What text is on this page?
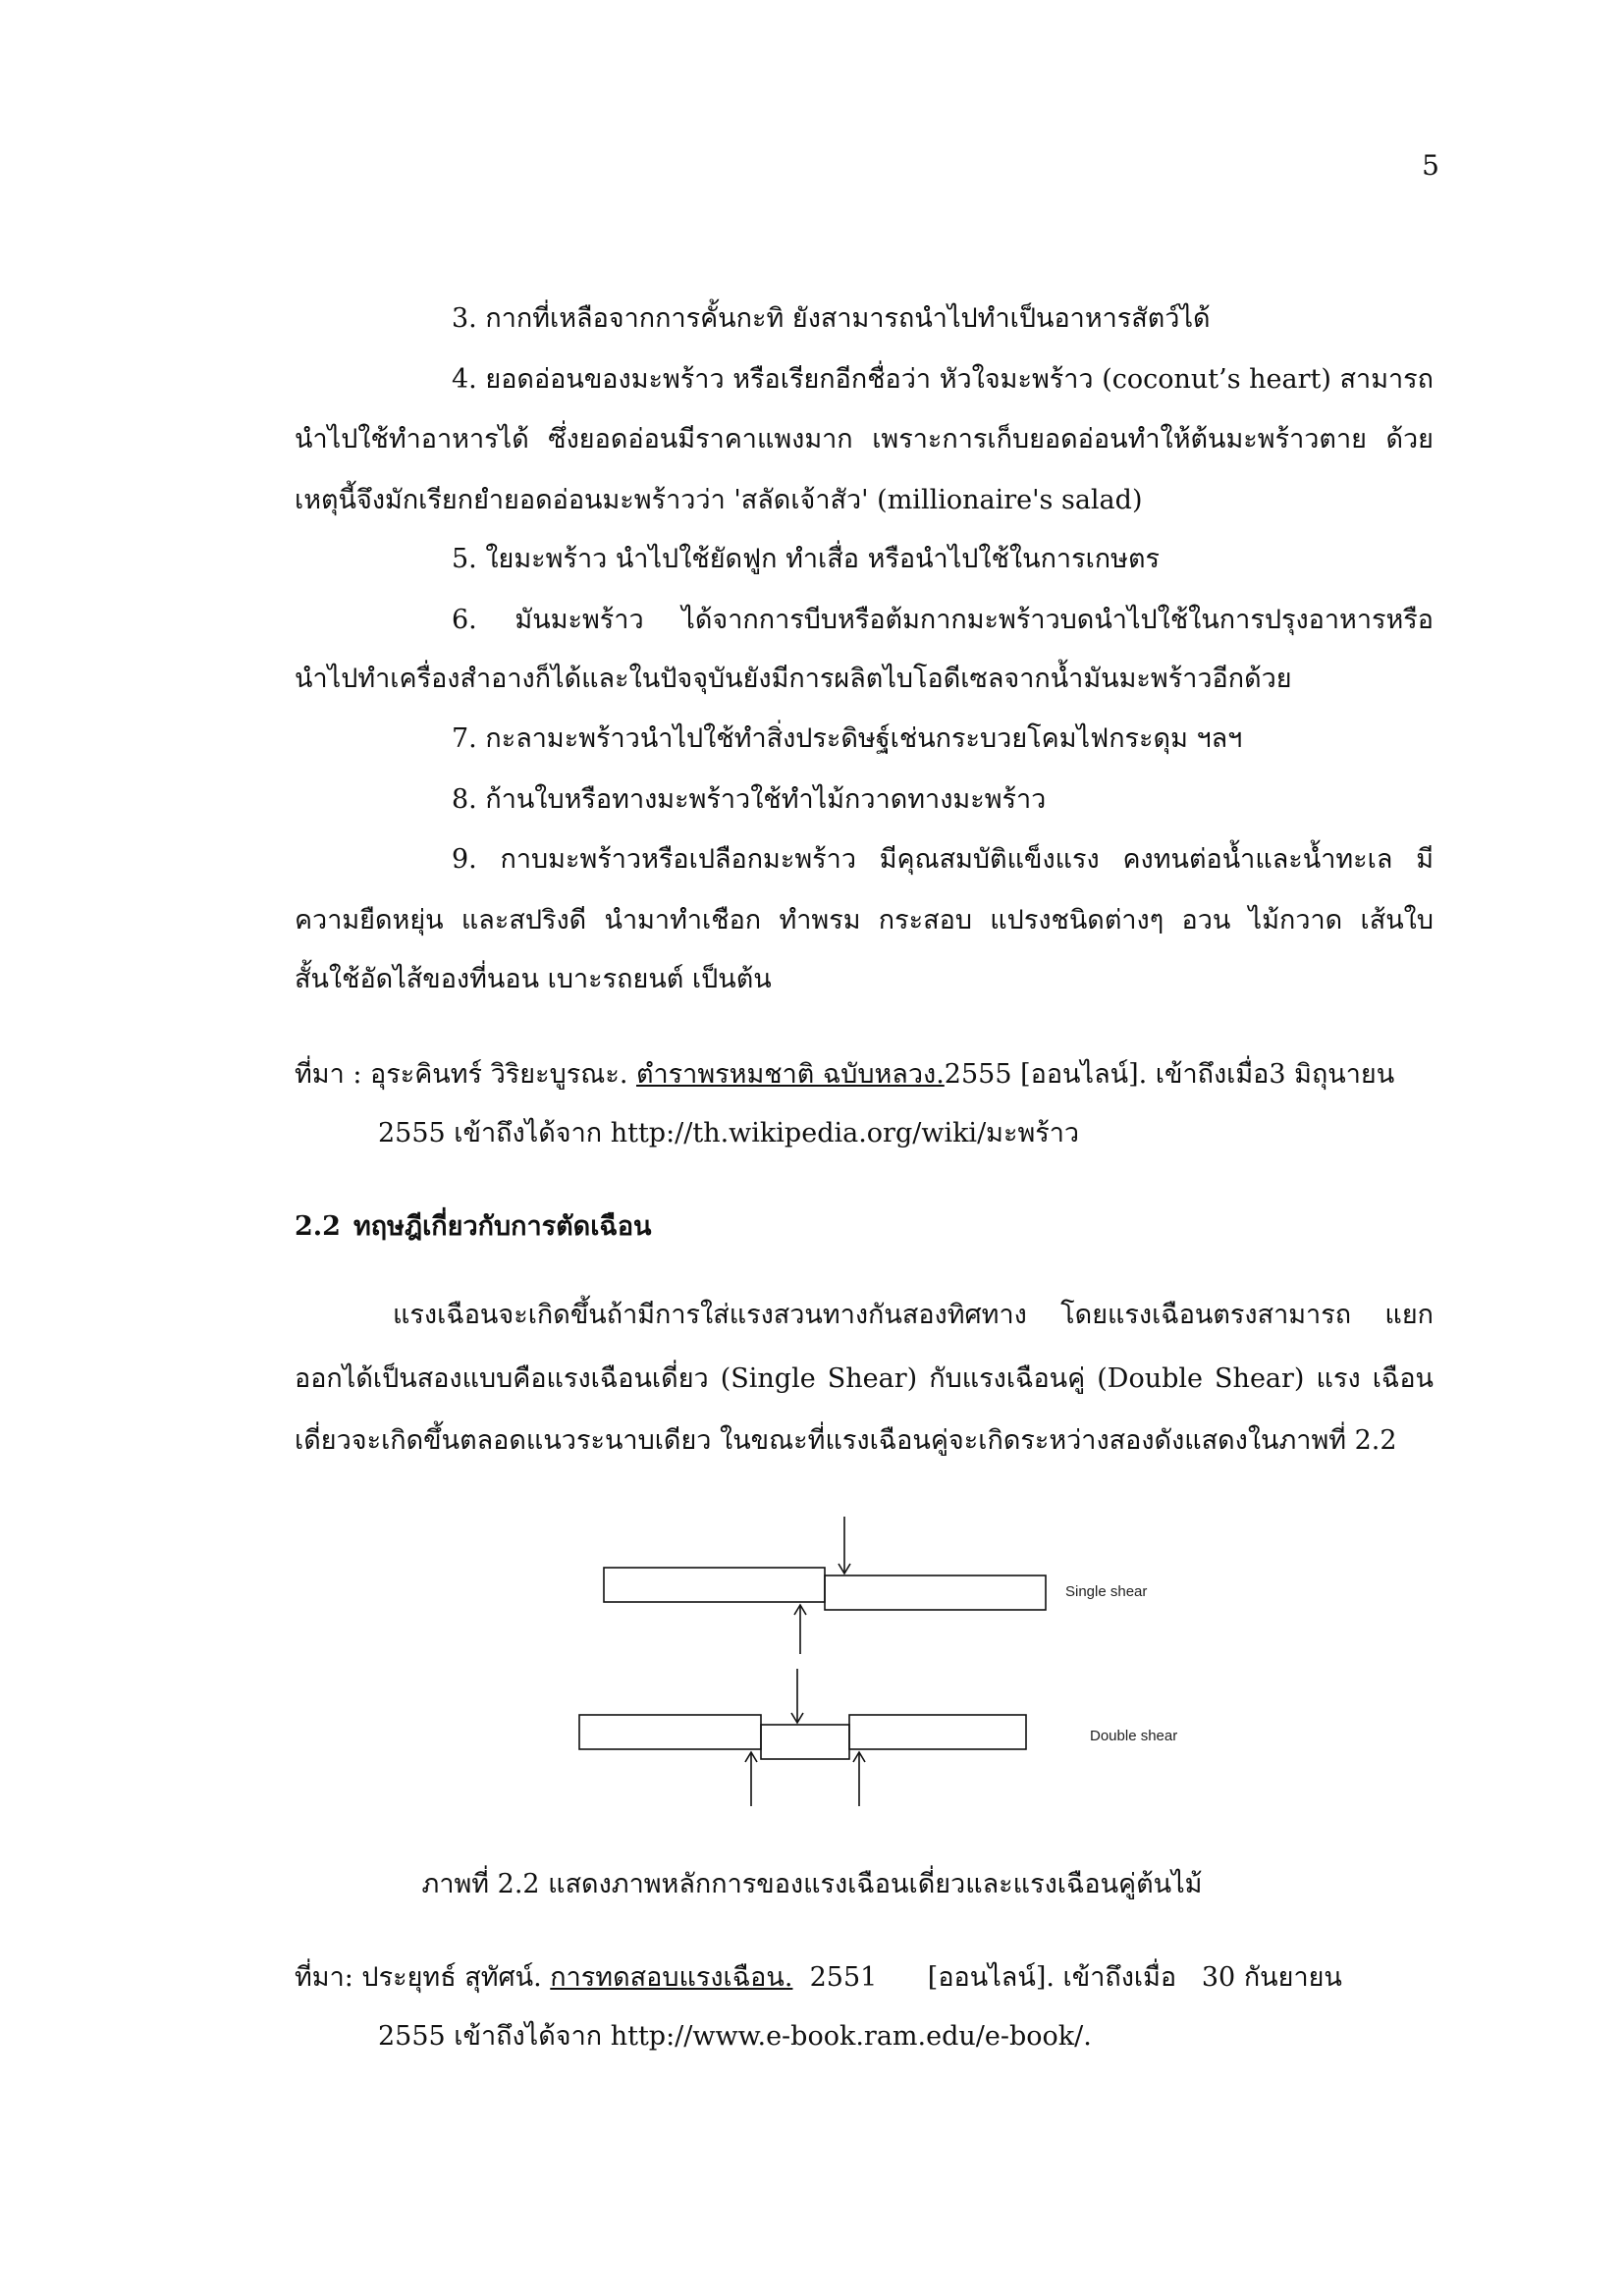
5
3. กากที่เหลือจากการคั้นกะทิ ยังสามารถนำไปทำเป็นอาหารสัตว์ได้
4. ยอดอ่อนของมะพร้าว หรือเรียกอีกชื่อว่า หัวใจมะพร้าว (coconut’s heart) สามารถ
นำไปใช้ทำอาหารได้ ซึ่งยอดอ่อนมีราคาแพงมาก เพราะการเก็บยอดอ่อนทำให้ต้นมะพร้าวตาย ด้วย
เหตุนี้จึงมักเรียกยำยอดอ่อนมะพร้าวว่า 'สลัดเจ้าสัว' (millionaire's salad)
5. ใยมะพร้าว นำไปใช้ยัดฟูก ทำเสื่อ หรือนำไปใช้ในการเกษตร
6. มันมะพร้าว ได้จากการบีบหรือต้มกากมะพร้าวบดนำไปใช้ในการปรุงอาหารหรือ
นำไปทำเครื่องสำอางก็ได้และในปัจจุบันยังมีการผลิตไบโอดีเซลจากน้ำมันมะพร้าวอีกด้วย
7. กะลามะพร้าวนำไปใช้ทำสิ่งประดิษฐ์เช่นกระบวยโคมไฟกระดุม ฯลฯ
8. ก้านใบหรือทางมะพร้าวใช้ทำไม้กวาดทางมะพร้าว
9. กาบมะพร้าวหรือเปลือกมะพร้าว มีคุณสมบัติแข็งแรง คงทนต่อน้ำและน้ำทะเล มี
ความยืดหยุ่น และสปริงดี นำมาทำเชือก ทำพรม กระสอบ แปรงชนิดต่างๆ อวน ไม้กวาด เส้นใบ
สั้นใช้อัดไส้ของที่นอน เบาะรถยนต์ เป็นต้น
ที่มา : อุระคินทร์ วิริยะบูรณะ. ตำราพรหมชาติ ฉบับหลวง.2555 [ออนไลน์]. เข้าถึงเมื่อ3 มิถุนายน
2555 เข้าถึงได้จาก http://th.wikipedia.org/wiki/มะพร้าว
2.2 ทฤษฎีเกี่ยวกับการตัดเฉือน
แรงเฉือนจะเกิดขึ้นถ้ามีการใส่แรงสวนทางกันสองทิศทาง โดยแรงเฉือนตรงสามารถ แยก
ออกได้เป็นสองแบบคือแรงเฉือนเดี่ยว (Single Shear) กับแรงเฉือนคู่ (Double Shear) แรง เฉือน
เดี่ยวจะเกิดขึ้นตลอดแนวระนาบเดียว ในขณะที่แรงเฉือนคู่จะเกิดระหว่างสองดังแสดงในภาพที่ 2.2
Single shear
Double shear
ภาพที่ 2.2 แสดงภาพหลักการของแรงเฉือนเดี่ยวและแรงเฉือนคู่ต้นไม้
ที่มา: ประยุทธ์ สุทัศน์. การทดสอบแรงเฉือน.  2551      [ออนไลน์]. เข้าถึงเมื่อ   30 กันยายน
2555 เข้าถึงได้จาก http://www.e-book.ram.edu/e-book/.
